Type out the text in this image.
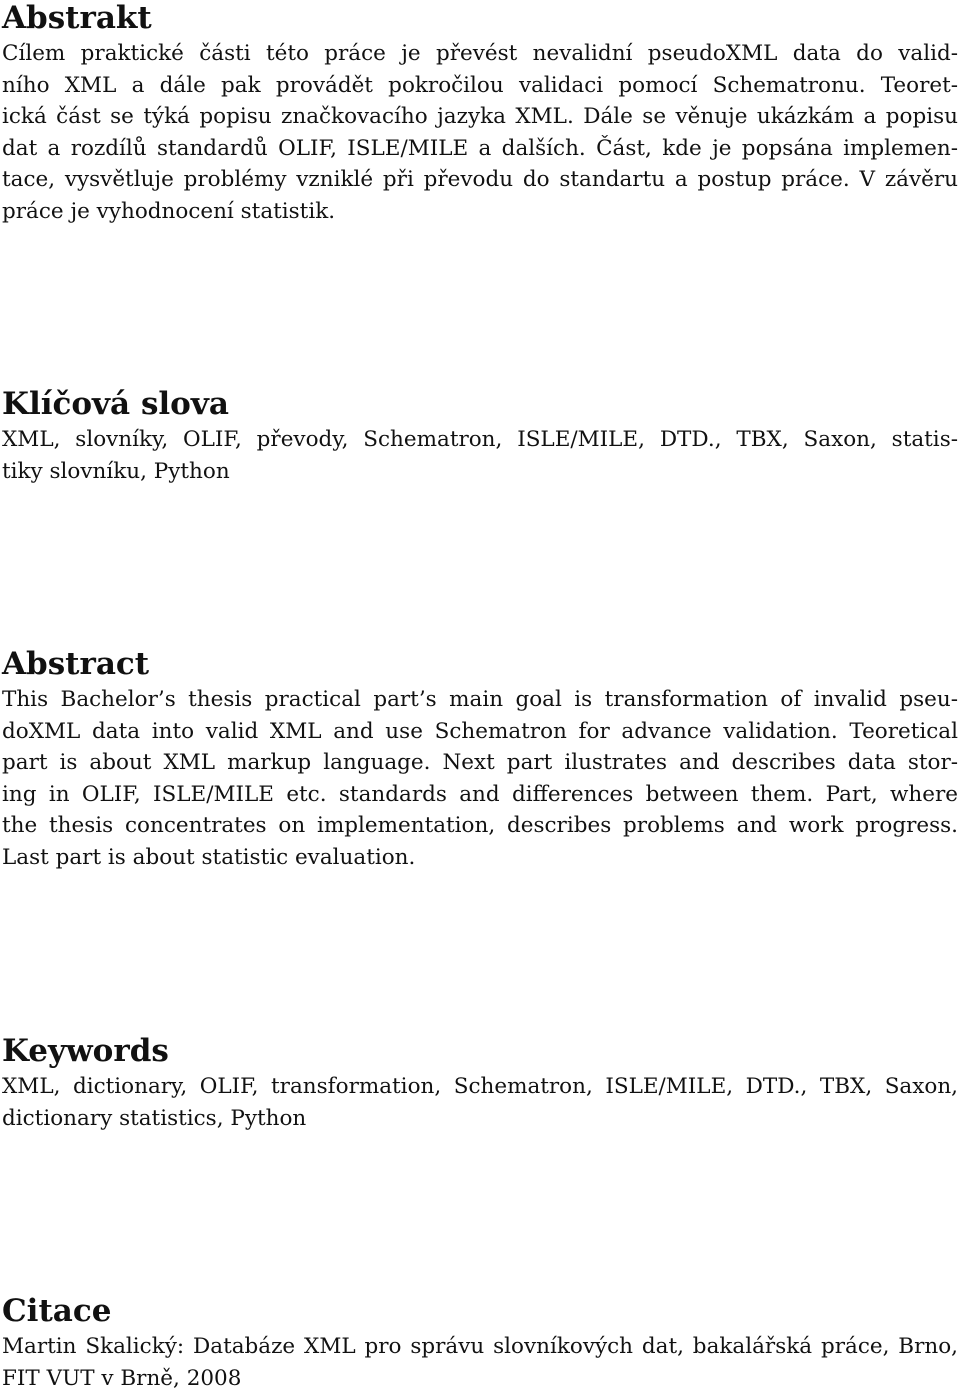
Abstrakt

Cílem praktické části této práce je převést nevalidní pseudoXML data do valid-
ního XML a dále pak provádět pokročilou validaci pomocí Schematronu. Teoret-
ická část se týká popisu značkovacího jazyka XML. Dále se věnuje ukázkám a popisu
dat a rozdílů standardů OLIF, ISLE/MILE a dalších. Část, kde je popsána implemen-
tace, vysvětluje problémy vzniklé při převodu do standartu a postup práce. V závěru
práce je vyhodnocení statistik.

Klíčová slova

XML, slovníky, OLIF, převody, Schematron, ISLE/MILE, DTD., TBX, Saxon, statis-
tiky slovníku, Python

Abstract

This Bachelor’s thesis practical part’s main goal is transformation of invalid pseu-
doXML data into valid XML and use Schematron for advance validation. Teoretical
part is about XML markup language. Next part ilustrates and describes data stor-
ing in OLIF, ISLE/MILE etc. standards and differences between them. Part, where
the thesis concentrates on implementation, describes problems and work progress.
Last part is about statistic evaluation.

Keywords

XML, dictionary, OLIF, transformation, Schematron, ISLE/MILE, DTD., TBX, Saxon,
dictionary statistics, Python

Citace

Martin Skalický: Databáze XML pro správu slovníkových dat, bakalářská práce, Brno,
FIT VUT v Brně, 2008
